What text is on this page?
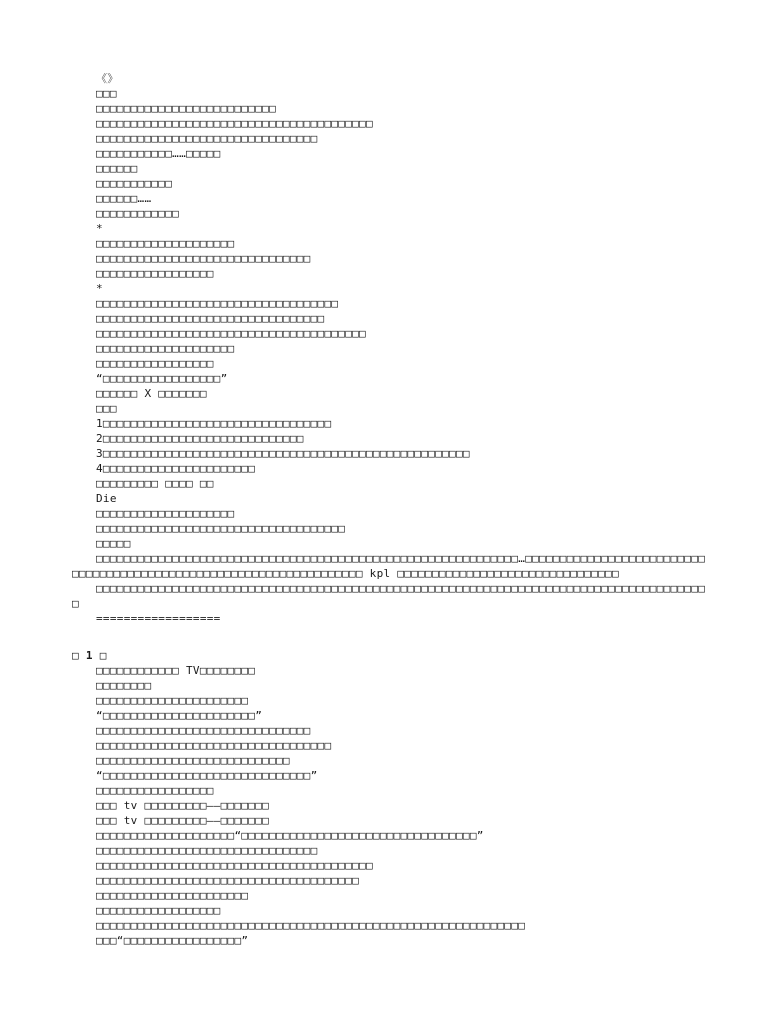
《》
□□□
□□□□□□□□□□□□□□□□□□□□□□□□□□
□□□□□□□□□□□□□□□□□□□□□□□□□□□□□□□□□□□□□□□□
□□□□□□□□□□□□□□□□□□□□□□□□□□□□□□□□
□□□□□□□□□□□……□□□□□
□□□□□□
□□□□□□□□□□□
□□□□□□……
□□□□□□□□□□□□
*
□□□□□□□□□□□□□□□□□□□□
□□□□□□□□□□□□□□□□□□□□□□□□□□□□□□□
□□□□□□□□□□□□□□□□□
*
□□□□□□□□□□□□□□□□□□□□□□□□□□□□□□□□□□□
□□□□□□□□□□□□□□□□□□□□□□□□□□□□□□□□□
□□□□□□□□□□□□□□□□□□□□□□□□□□□□□□□□□□□□□□□
□□□□□□□□□□□□□□□□□□□□
□□□□□□□□□□□□□□□□□
“□□□□□□□□□□□□□□□□□”
□□□□□□ X □□□□□□□
□□□
1□□□□□□□□□□□□□□□□□□□□□□□□□□□□□□□□□
2□□□□□□□□□□□□□□□□□□□□□□□□□□□□□
3□□□□□□□□□□□□□□□□□□□□□□□□□□□□□□□□□□□□□□□□□□□□□□□□□□□□□
4□□□□□□□□□□□□□□□□□□□□□□
□□□□□□□□□ □□□□ □□
Die
□□□□□□□□□□□□□□□□□□□□
□□□□□□□□□□□□□□□□□□□□□□□□□□□□□□□□□□□□
□□□□□
□□□□□□□□□□□□□□□□□□□□□□□□□□□□□□□□□□□□□□□□□□□□□□□□□□□□□□□□□□□□□…□□□□□□□□□□□□□□□□□□□□□□□□□□□□□□□□□□□□□□□□□□□□□□□□□□□□□□□□□□□□□□□□□□□□ kpl □□□□□□□□□□□□□□□□□□□□□□□□□□□□□□□□
□□□□□□□□□□□□□□□□□□□□□□□□□□□□□□□□□□□□□□□□□□□□□□□□□□□□□□□□□□□□□□□□□□□□□□□□□□□□□□□□□□□□□□□□□
==================
□ 1 □
□□□□□□□□□□□□ TV□□□□□□□□
□□□□□□□□
□□□□□□□□□□□□□□□□□□□□□□
“□□□□□□□□□□□□□□□□□□□□□□”
□□□□□□□□□□□□□□□□□□□□□□□□□□□□□□□
□□□□□□□□□□□□□□□□□□□□□□□□□□□□□□□□□□
□□□□□□□□□□□□□□□□□□□□□□□□□□□□
“□□□□□□□□□□□□□□□□□□□□□□□□□□□□□□”
□□□□□□□□□□□□□□□□□
□□□ tv □□□□□□□□□——□□□□□□□
□□□ tv □□□□□□□□□——□□□□□□□
□□□□□□□□□□□□□□□□□□□□“□□□□□□□□□□□□□□□□□□□□□□□□□□□□□□□□□□”
□□□□□□□□□□□□□□□□□□□□□□□□□□□□□□□□
□□□□□□□□□□□□□□□□□□□□□□□□□□□□□□□□□□□□□□□□
□□□□□□□□□□□□□□□□□□□□□□□□□□□□□□□□□□□□□□
□□□□□□□□□□□□□□□□□□□□□□
□□□□□□□□□□□□□□□□□□
□□□□□□□□□□□□□□□□□□□□□□□□□□□□□□□□□□□□□□□□□□□□□□□□□□□□□□□□□□□□□□
□□□“□□□□□□□□□□□□□□□□□”
